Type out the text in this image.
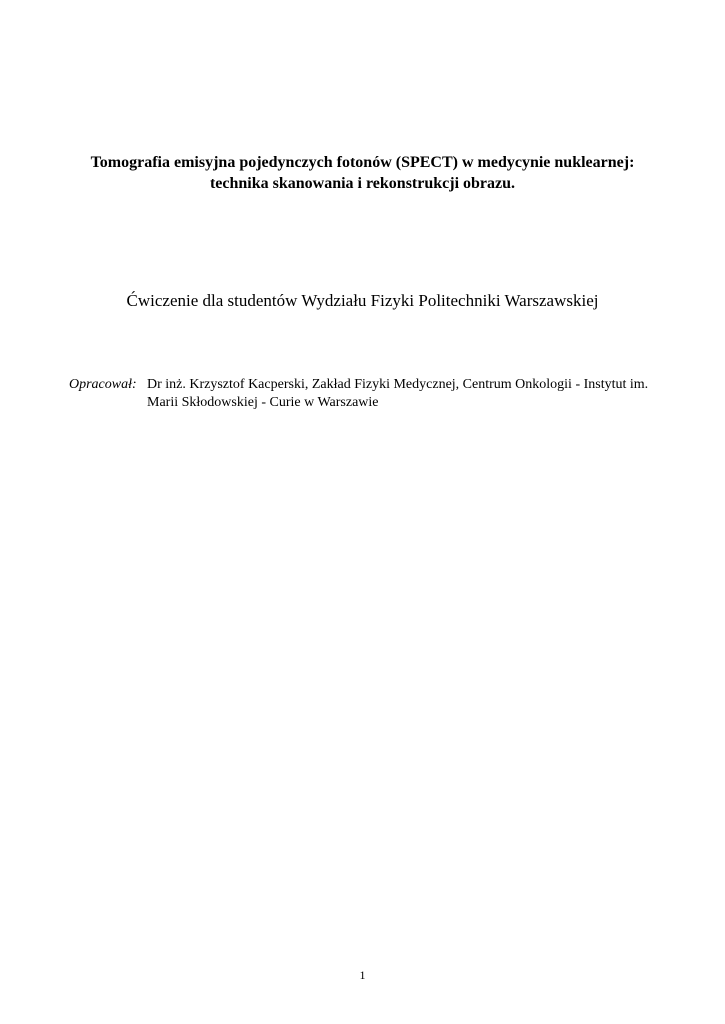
Tomografia emisyjna pojedynczych fotonów (SPECT) w medycynie nuklearnej:
technika skanowania i rekonstrukcji obrazu.
Ćwiczenie dla studentów Wydziału Fizyki Politechniki Warszawskiej
Opracował: Dr inż. Krzysztof Kacperski, Zakład Fizyki Medycznej, Centrum Onkologii - Instytut im.
Marii Skłodowskiej - Curie w Warszawie
1
